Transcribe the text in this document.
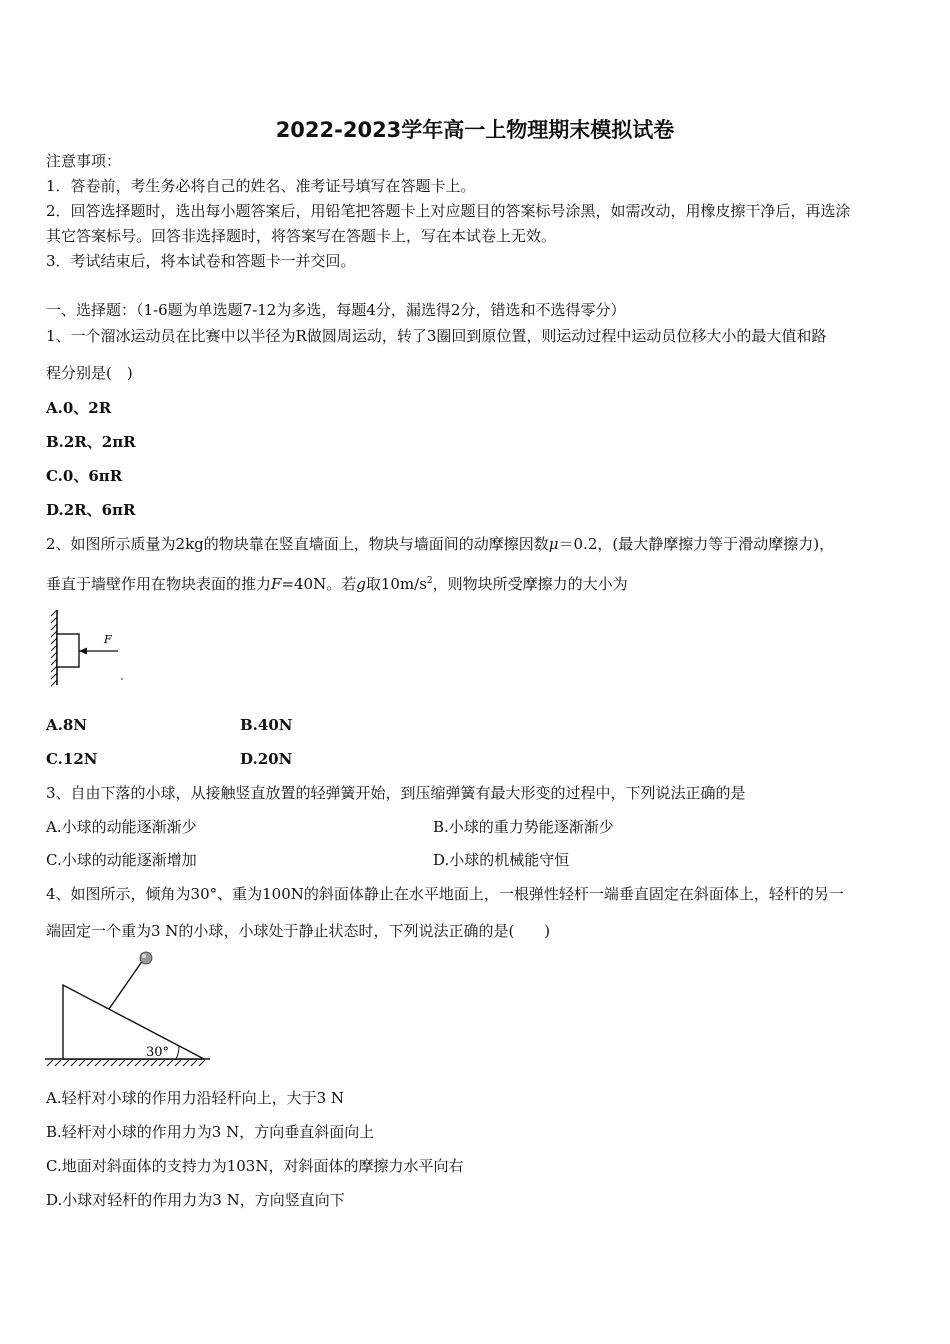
2022-2023学年高一上物理期末模拟试卷
注意事项：
1．答卷前，考生务必将自己的姓名、准考证号填写在答题卡上。
2．回答选择题时，选出每小题答案后，用铅笔把答题卡上对应题目的答案标号涂黑，如需改动，用橡皮擦干净后，再选涂
其它答案标号。回答非选择题时，将答案写在答题卡上，写在本试卷上无效。
3．考试结束后，将本试卷和答题卡一并交回。
一、选择题：（1-6题为单选题7-12为多选，每题4分，漏选得2分，错选和不选得零分）
1、一个溜冰运动员在比赛中以半径为R做圆周运动，转了3圈回到原位置，则运动过程中运动员位移大小的最大值和路
程分别是(　)
A.0、2R
B.2R、2πR
C.0、6πR
D.2R、6πR
2、如图所示质量为2kg的物块靠在竖直墙面上，物块与墙面间的动摩擦因数μ＝0.2，(最大静摩擦力等于滑动摩擦力)，
垂直于墙壁作用在物块表面的推力F=40N。若g取$10m/s^2$，则物块所受摩擦力的大小为
F
A.8N	B.40N
C.12N	D.20N
3、自由下落的小球，从接触竖直放置的轻弹簧开始，到压缩弹簧有最大形变的过程中，下列说法正确的是
A.小球的动能逐渐渐少	B.小球的重力势能逐渐渐少
C.小球的动能逐渐增加	D.小球的机械能守恒
4、如图所示，倾角为30°、重为100N的斜面体静止在水平地面上，一根弹性轻杆一端垂直固定在斜面体上，轻杆的另一
端固定一个重为3 N的小球，小球处于静止状态时，下列说法正确的是(　　)
30°
A.轻杆对小球的作用力沿轻杆向上，大于3 N
B.轻杆对小球的作用力为3 N，方向垂直斜面向上
C.地面对斜面体的支持力为103N，对斜面体的摩擦力水平向右
D.小球对轻杆的作用力为3 N，方向竖直向下
